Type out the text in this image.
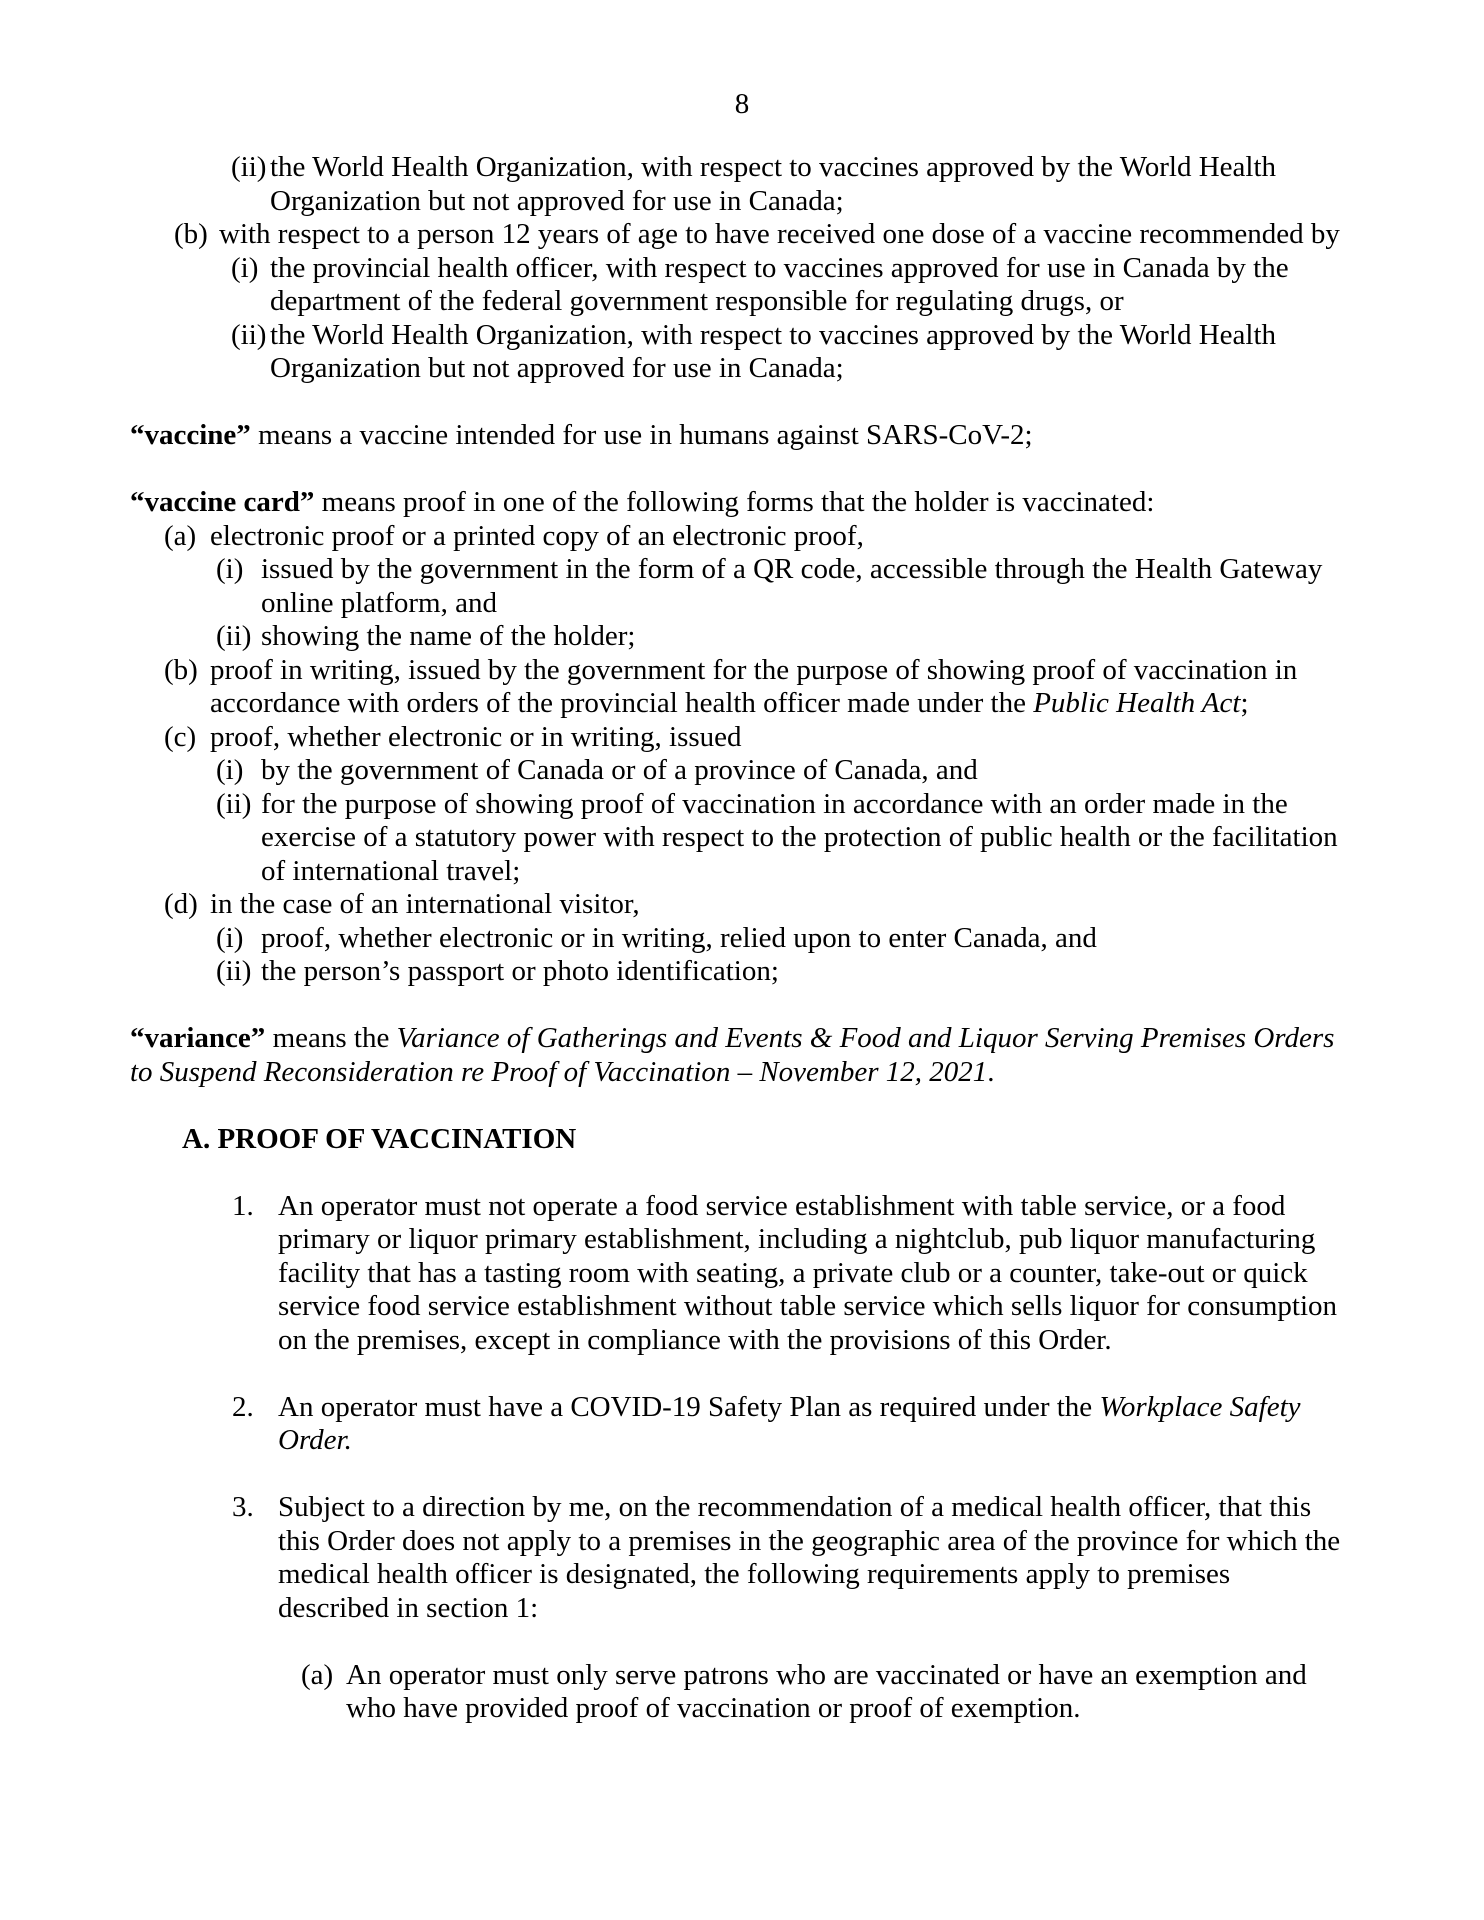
8
(ii) the World Health Organization, with respect to vaccines approved by the World Health Organization but not approved for use in Canada;
(b) with respect to a person 12 years of age to have received one dose of a vaccine recommended by
(i) the provincial health officer, with respect to vaccines approved for use in Canada by the department of the federal government responsible for regulating drugs, or
(ii) the World Health Organization, with respect to vaccines approved by the World Health Organization but not approved for use in Canada;
“vaccine” means a vaccine intended for use in humans against SARS-CoV-2;
“vaccine card” means proof in one of the following forms that the holder is vaccinated:
(a) electronic proof or a printed copy of an electronic proof,
(i) issued by the government in the form of a QR code, accessible through the Health Gateway online platform, and
(ii) showing the name of the holder;
(b) proof in writing, issued by the government for the purpose of showing proof of vaccination in accordance with orders of the provincial health officer made under the Public Health Act;
(c) proof, whether electronic or in writing, issued
(i) by the government of Canada or of a province of Canada, and
(ii) for the purpose of showing proof of vaccination in accordance with an order made in the exercise of a statutory power with respect to the protection of public health or the facilitation of international travel;
(d) in the case of an international visitor,
(i) proof, whether electronic or in writing, relied upon to enter Canada, and
(ii) the person’s passport or photo identification;
“variance” means the Variance of Gatherings and Events & Food and Liquor Serving Premises Orders to Suspend Reconsideration re Proof of Vaccination – November 12, 2021.
A. PROOF OF VACCINATION
1. An operator must not operate a food service establishment with table service, or a food primary or liquor primary establishment, including a nightclub, pub liquor manufacturing facility that has a tasting room with seating, a private club or a counter, take-out or quick service food service establishment without table service which sells liquor for consumption on the premises, except in compliance with the provisions of this Order.
2. An operator must have a COVID-19 Safety Plan as required under the Workplace Safety Order.
3. Subject to a direction by me, on the recommendation of a medical health officer, that this this Order does not apply to a premises in the geographic area of the province for which the medical health officer is designated, the following requirements apply to premises described in section 1:
(a) An operator must only serve patrons who are vaccinated or have an exemption and who have provided proof of vaccination or proof of exemption.
